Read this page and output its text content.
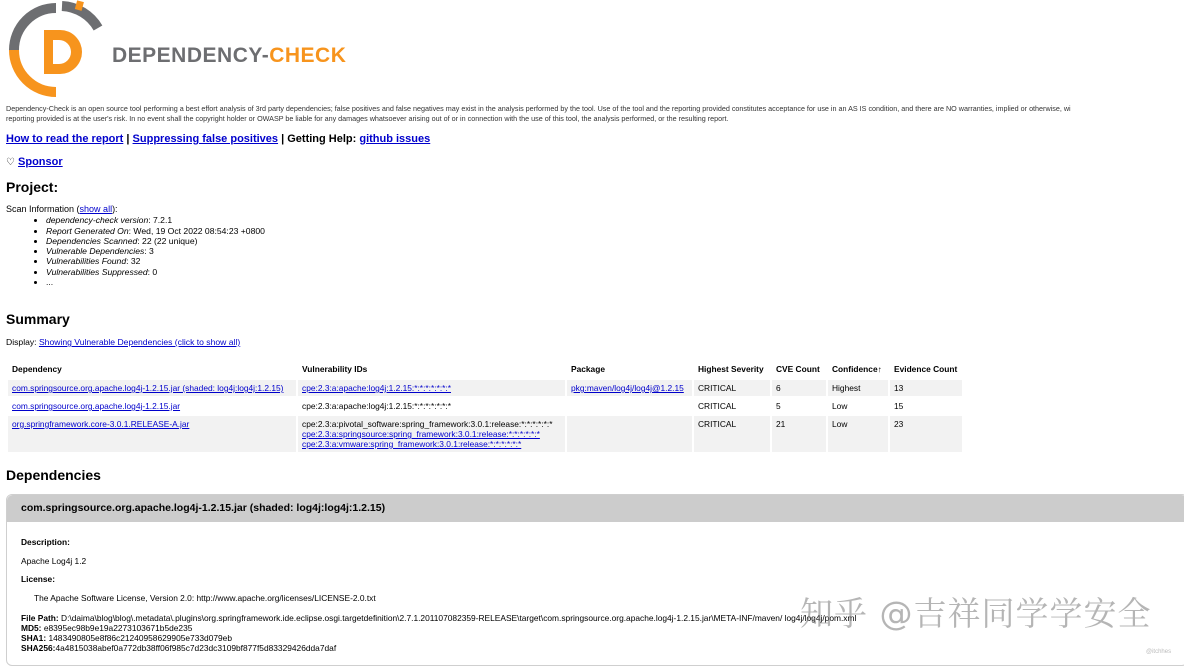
DEPENDENCY-CHECK
Dependency-Check is an open source tool performing a best effort analysis of 3rd party dependencies; false positives and false negatives may exist in the analysis performed by the tool. Use of the tool and the reporting provided constitutes acceptance for use in an AS IS condition, and there are NO warranties, implied or otherwise, wi
reporting provided is at the user's risk. In no event shall the copyright holder or OWASP be liable for any damages whatsoever arising out of or in connection with the use of this tool, the analysis performed, or the resulting report.
How to read the report | Suppressing false positives | Getting Help: github issues
♡ Sponsor
Project:
Scan Information (show all):
• dependency-check version: 7.2.1
• Report Generated On: Wed, 19 Oct 2022 08:54:23 +0800
• Dependencies Scanned: 22 (22 unique)
• Vulnerable Dependencies: 3
• Vulnerabilities Found: 32
• Vulnerabilities Suppressed: 0
• ...
Summary
Display: Showing Vulnerable Dependencies (click to show all)
Dependency	Vulnerability IDs	Package	Highest Severity	CVE Count	Confidence↑	Evidence Count
com.springsource.org.apache.log4j-1.2.15.jar (shaded: log4j:log4j:1.2.15)	cpe:2.3:a:apache:log4j:1.2.15:*:*:*:*:*:*:*	pkg:maven/log4j/log4j@1.2.15	CRITICAL	6	Highest	13
com.springsource.org.apache.log4j-1.2.15.jar	cpe:2.3:a:apache:log4j:1.2.15:*:*:*:*:*:*:*		CRITICAL	5	Low	15
org.springframework.core-3.0.1.RELEASE-A.jar	cpe:2.3:a:pivotal_software:spring_framework:3.0.1:release:*:*:*:*:*:*
cpe:2.3:a:springsource:spring_framework:3.0.1:release:*:*:*:*:*:*
cpe:2.3:a:vmware:spring_framework:3.0.1:release:*:*:*:*:*:*		CRITICAL	21	Low	23
Dependencies
com.springsource.org.apache.log4j-1.2.15.jar (shaded: log4j:log4j:1.2.15)
Description:
Apache Log4j 1.2
License:
The Apache Software License, Version 2.0: http://www.apache.org/licenses/LICENSE-2.0.txt
File Path: D:\daima\blog\blog\.metadata\.plugins\org.springframework.ide.eclipse.osgi.targetdefinition\2.7.1.201107082359-RELEASE\target\com.springsource.org.apache.log4j-1.2.15.jar\META-INF/maven/ log4j/log4j/pom.xml
MD5: e8395ec98b9e19a2273103671b5de235
SHA1: 1483490805e8f86c21240958629905e733d079eb
SHA256:4a4815038abef0a772db38ff06f985c7d23dc3109bf877f5d83329426dda7daf
知乎 @吉祥同学学安全
@itchhes
